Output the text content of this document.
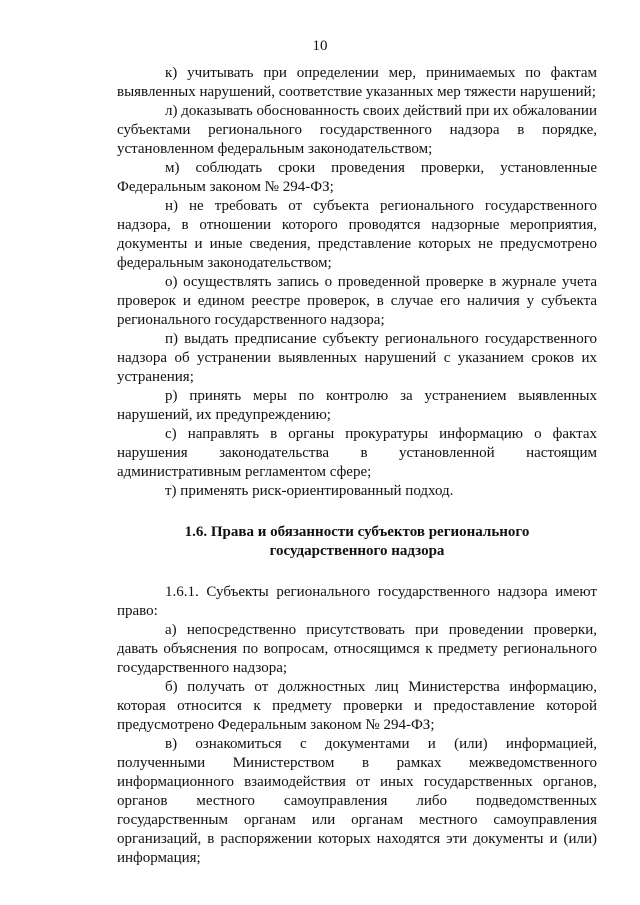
10

к) учитывать при определении мер, принимаемых по фактам выявленных нарушений, соответствие указанных мер тяжести нарушений;

л) доказывать обоснованность своих действий при их обжаловании субъектами регионального государственного надзора в порядке, установленном федеральным законодательством;

м) соблюдать сроки проведения проверки, установленные Федеральным законом № 294-ФЗ;

н) не требовать от субъекта регионального государственного надзора, в отношении которого проводятся надзорные мероприятия, документы и иные сведения, представление которых не предусмотрено федеральным законодательством;

о) осуществлять запись о проведенной проверке в журнале учета проверок и едином реестре проверок, в случае его наличия у субъекта регионального государственного надзора;

п) выдать предписание субъекту регионального государственного надзора об устранении выявленных нарушений с указанием сроков их устранения;

р) принять меры по контролю за устранением выявленных нарушений, их предупреждению;

с) направлять в органы прокуратуры информацию о фактах нарушения законодательства в установленной настоящим административным регламентом сфере;

т) применять риск-ориентированный подход.

1.6. Права и обязанности субъектов регионального
государственного надзора

1.6.1. Субъекты регионального государственного надзора имеют право:

а) непосредственно присутствовать при проведении проверки, давать объяснения по вопросам, относящимся к предмету регионального государственного надзора;

б) получать от должностных лиц Министерства информацию, которая относится к предмету проверки и предоставление которой предусмотрено Федеральным законом № 294-ФЗ;

в) ознакомиться с документами и (или) информацией, полученными Министерством в рамках межведомственного информационного взаимодействия от иных государственных органов, органов местного самоуправления либо подведомственных государственным органам или органам местного самоуправления организаций, в распоряжении которых находятся эти документы и (или) информация;
